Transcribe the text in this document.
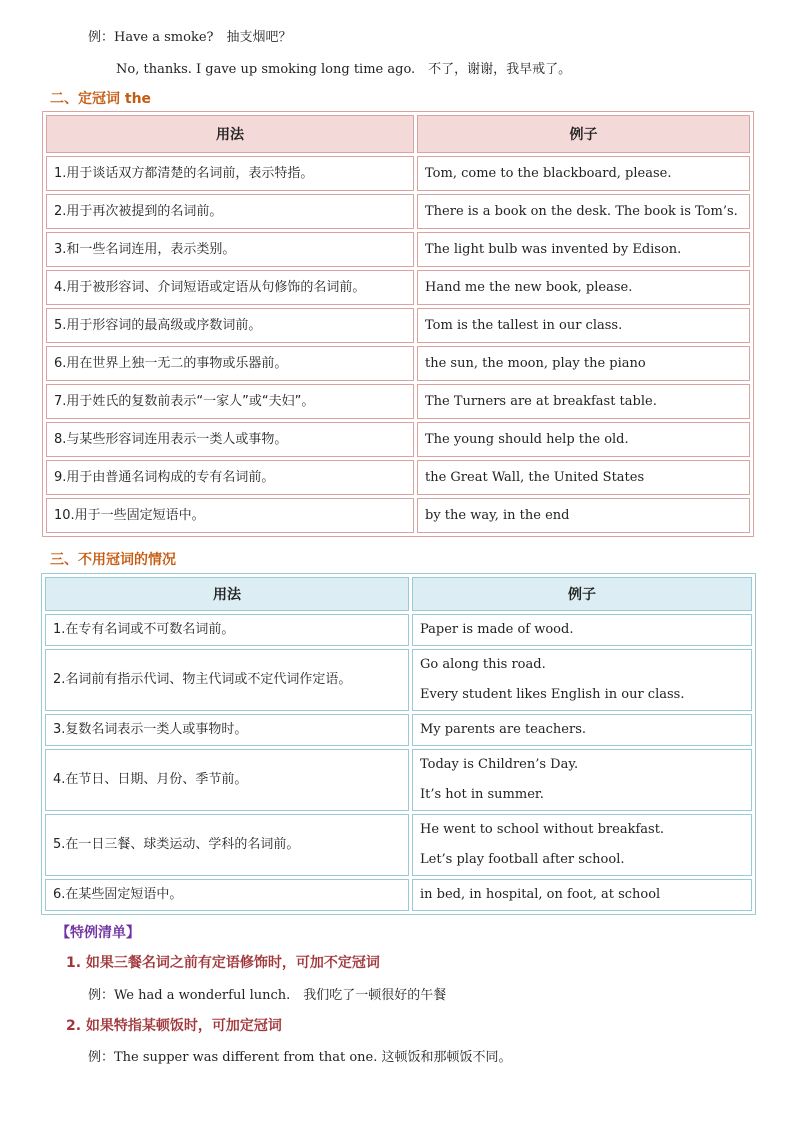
例：Have a smoke?　抽支烟吧？
No, thanks. I gave up smoking long time ago.　不了，谢谢，我早戒了。
二、定冠词 the
用法	例子
1.用于谈话双方都清楚的名词前，表示特指。	Tom, come to the blackboard, please.
2.用于再次被提到的名词前。	There is a book on the desk. The book is Tom’s.
3.和一些名词连用，表示类别。	The light bulb was invented by Edison.
4.用于被形容词、介词短语或定语从句修饰的名词前。	Hand me the new book, please.
5.用于形容词的最高级或序数词前。	Tom is the tallest in our class.
6.用在世界上独一无二的事物或乐器前。	the sun, the moon, play the piano
7.用于姓氏的复数前表示“一家人”或“夫妇”。	The Turners are at breakfast table.
8.与某些形容词连用表示一类人或事物。	The young should help the old.
9.用于由普通名词构成的专有名词前。	the Great Wall, the United States
10.用于一些固定短语中。	by the way, in the end
三、不用冠词的情况
用法	例子
1.在专有名词或不可数名词前。	Paper is made of wood.

2.名词前有指示代词、物主代词或不定代词作定语。	Go along this road.
Every student likes English in our class.

3.复数名词表示一类人或事物时。	My parents are teachers.

4.在节日、日期、月份、季节前。	Today is Children’s Day.
It’s hot in summer.

5.在一日三餐、球类运动、学科的名词前。	He went to school without breakfast.
Let’s play football after school.

6.在某些固定短语中。	in bed, in hospital, on foot, at school
【特例清单】
1. 如果三餐名词之前有定语修饰时，可加不定冠词
例：We had a wonderful lunch.　我们吃了一顿很好的午餐
2. 如果特指某顿饭时，可加定冠词
例：The supper was different from that one. 这顿饭和那顿饭不同。
